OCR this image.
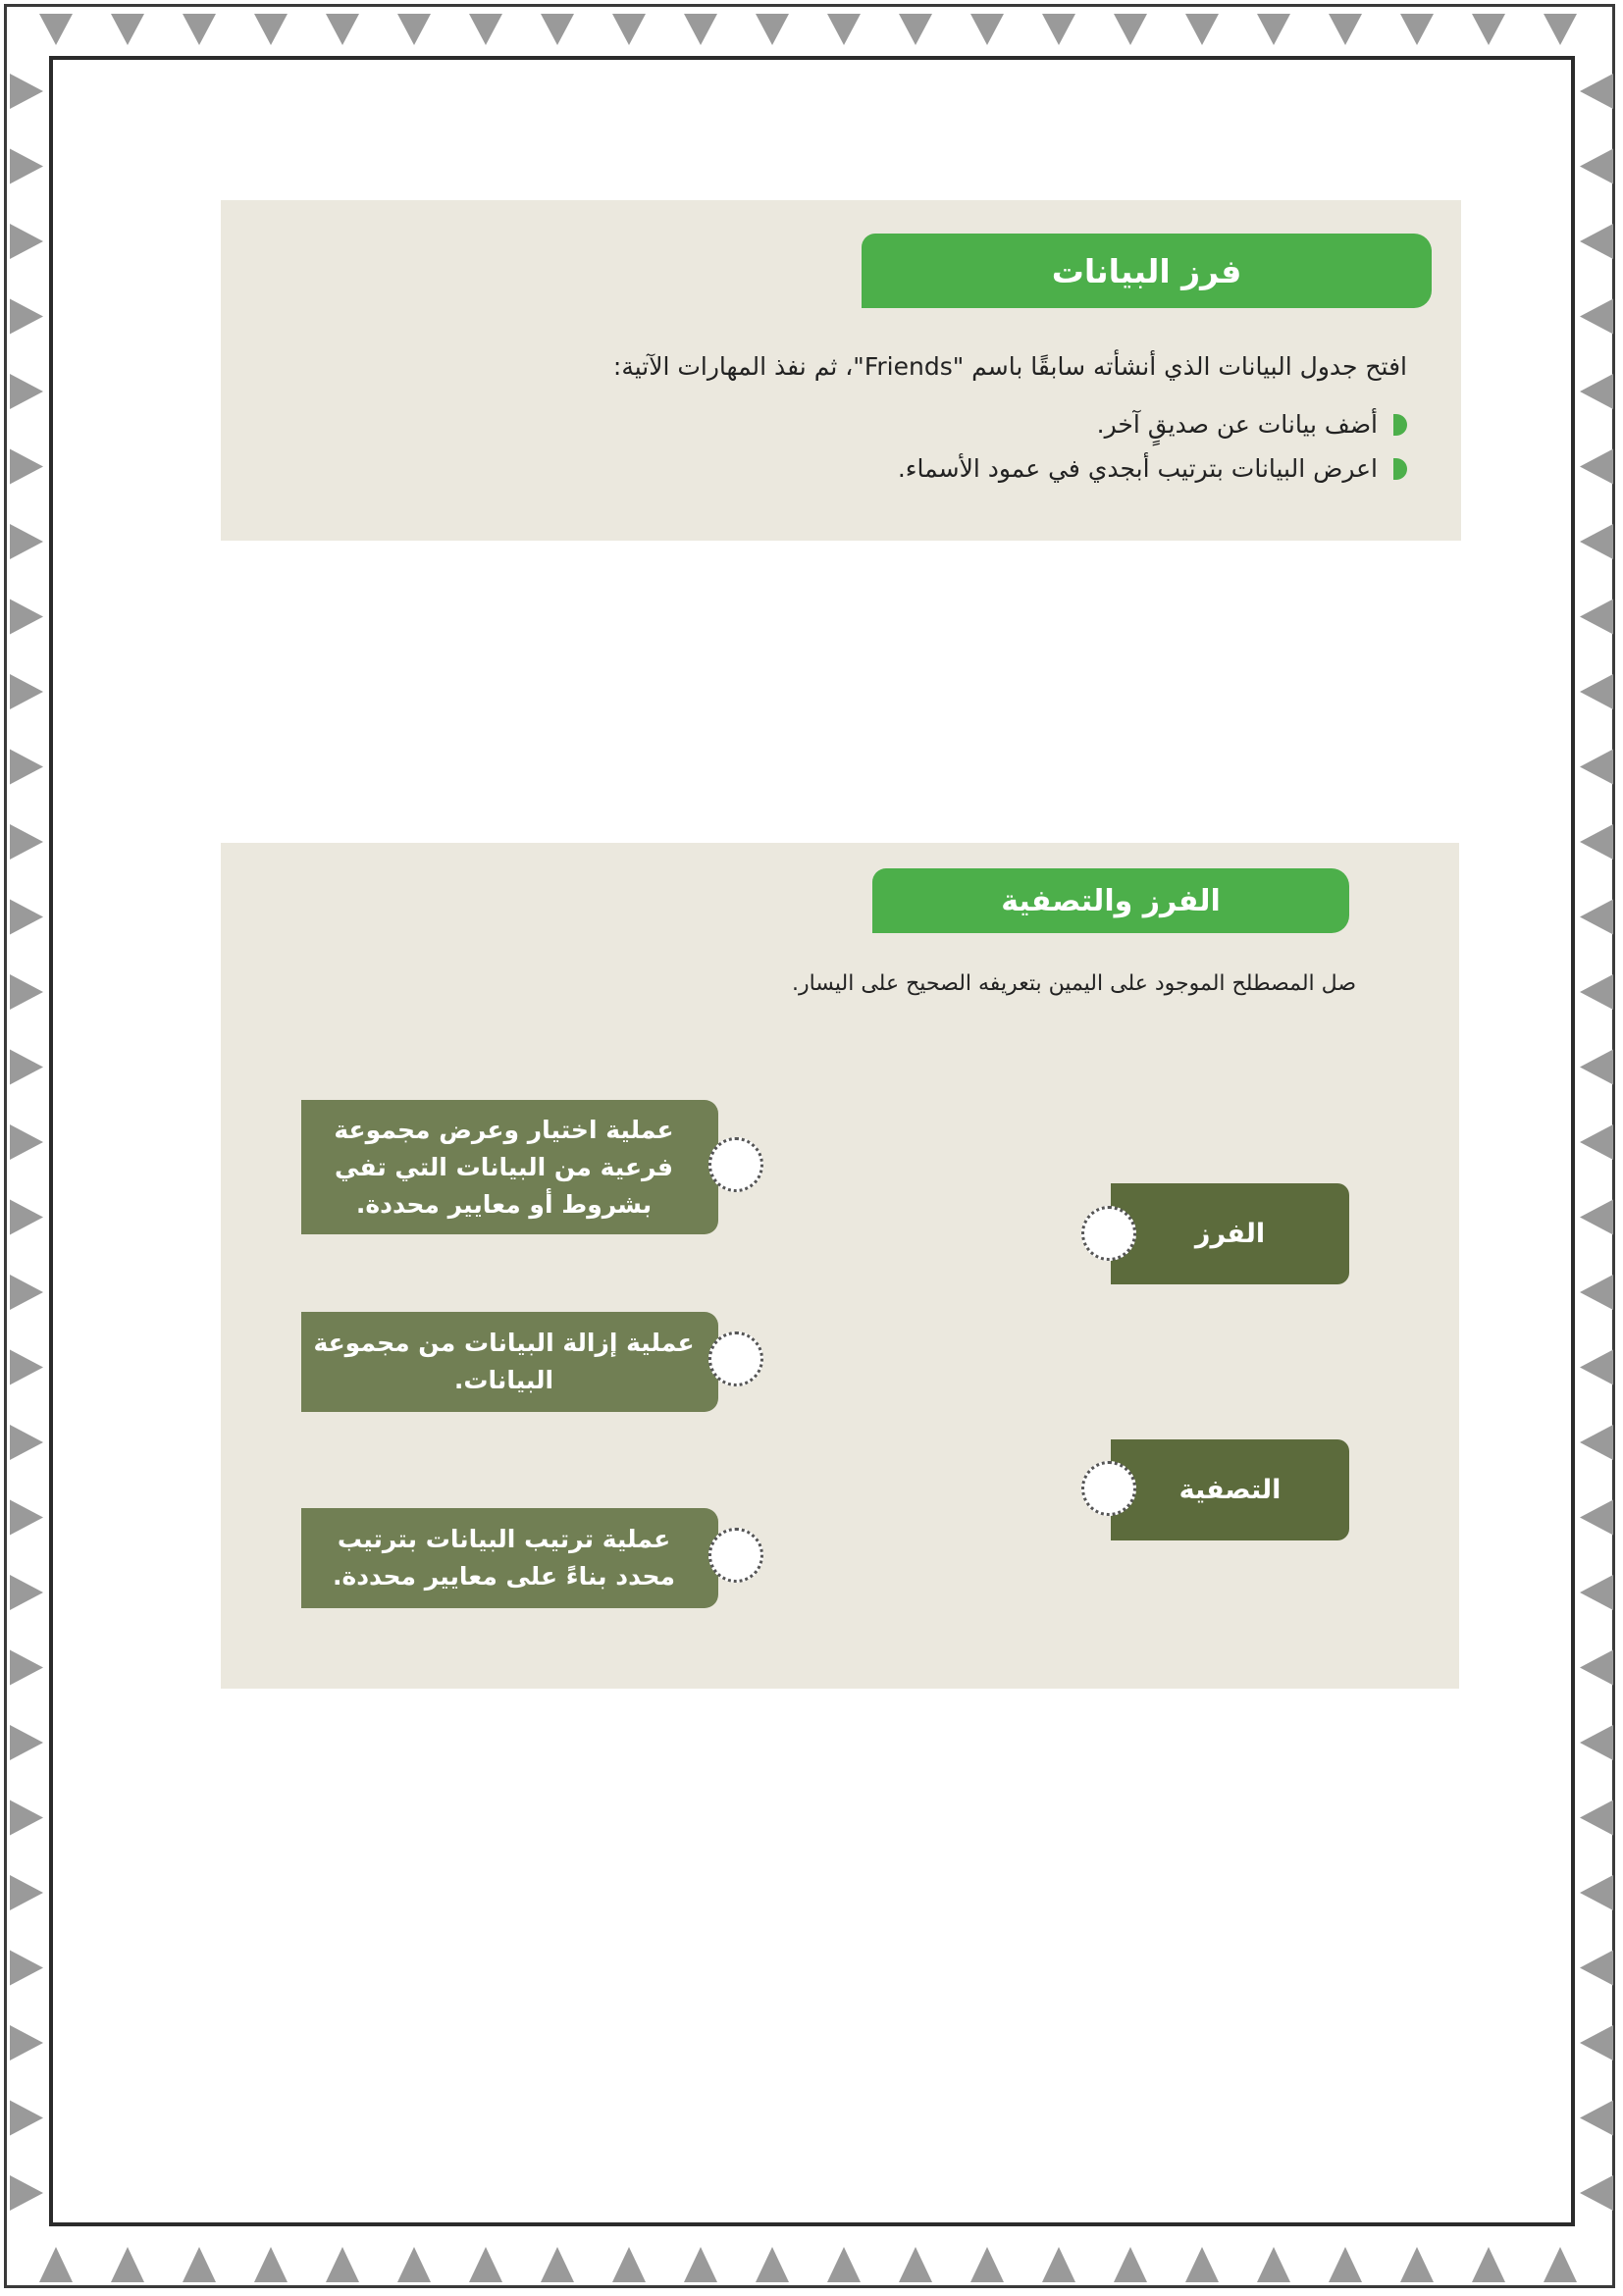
فرز البيانات
افتح جدول البيانات الذي أنشأته سابقًا باسم "Friends"، ثم نفذ المهارات الآتية:
أضف بيانات عن صديقٍ آخر.
اعرض البيانات بترتيب أبجدي في عمود الأسماء.
الفرز والتصفية
صل المصطلح الموجود على اليمين بتعريفه الصحيح على اليسار.
عملية اختيار وعرض مجموعة فرعية من البيانات التي تفي بشروط أو معايير محددة.
عملية إزالة البيانات من مجموعة البيانات.
عملية ترتيب البيانات بترتيب محدد بناءً على معايير محددة.
الفرز
التصفية
